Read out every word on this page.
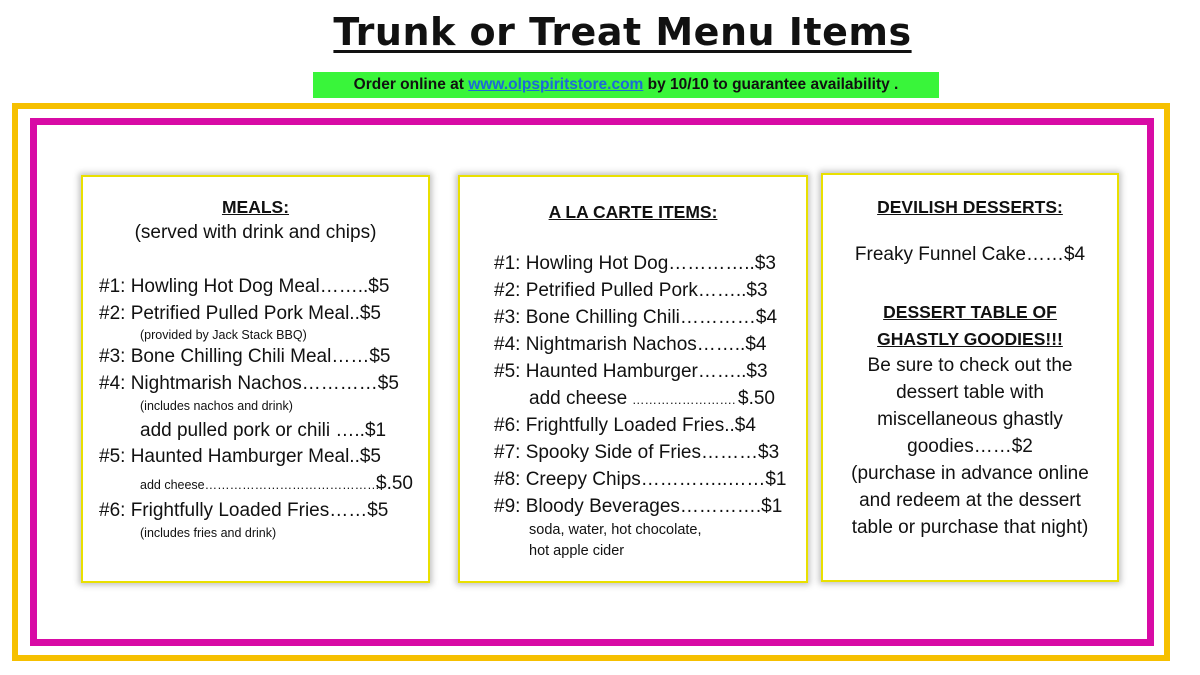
Trunk or Treat Menu Items
Order online at www.olpspiritstore.com by 10/10 to guarantee availability .
MEALS:
(served with drink and chips)
#1: Howling Hot Dog Meal……..$5
#2: Petrified Pulled Pork Meal..$5
(provided by Jack Stack BBQ)
#3: Bone Chilling Chili Meal……$5
#4: Nightmarish Nachos…………$5
(includes nachos and drink)
add pulled pork or chili …..$1
#5: Haunted Hamburger Meal..$5
add cheese……………………………………
$.50
#6: Frightfully Loaded Fries……$5
(includes fries and drink)
A LA CARTE ITEMS:
#1: Howling Hot Dog…………..$3
#2: Petrified Pulled Pork……..$3
#3: Bone Chilling Chili…………$4
#4: Nightmarish Nachos……..$4
#5: Haunted Hamburger……..$3
add cheese ……………………. $.50
#6: Frightfully Loaded Fries..$4
#7: Spooky Side of Fries………$3
#8: Creepy Chips…………..……$1
#9: Bloody Beverages………….$1
soda, water, hot chocolate,
hot apple cider
DEVILISH DESSERTS:
Freaky Funnel Cake……$4
DESSERT TABLE OF
GHASTLY GOODIES!!!
Be sure to check out the
dessert table with
miscellaneous ghastly
goodies……$2
(purchase in advance online
and redeem at the dessert
table or purchase that night)
